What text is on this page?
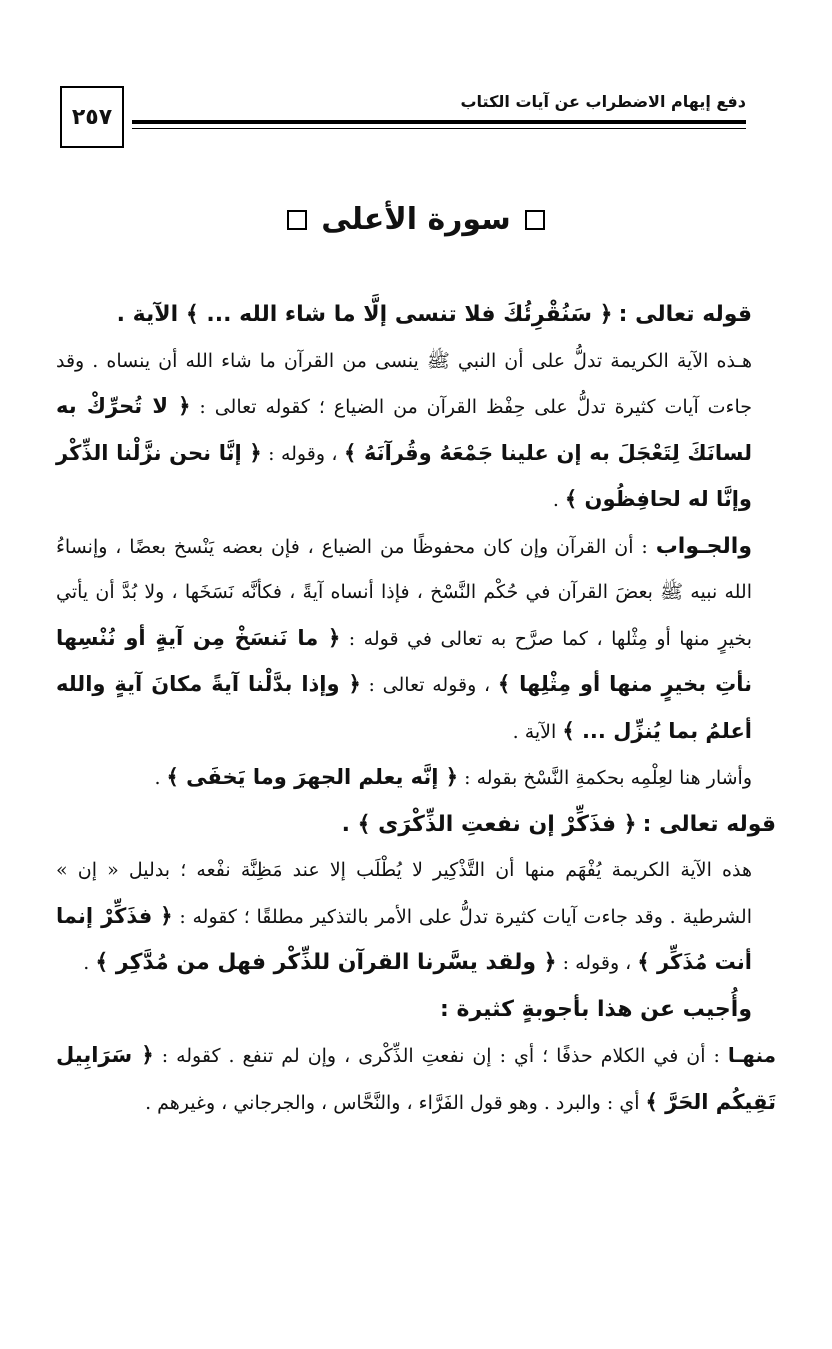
دفع إيهام الاضطراب عن آيات الكتاب
٢٥٧
سورة الأعلى

قوله تعالى : ﴿ سَنُقْرِئُكَ فلا تنسى إلَّا ما شاء الله ... ﴾ الآية .

هـذه الآية الكريمة تدلُّ على أن النبي ﷺ ينسى من القرآن ما شاء الله أن ينساه . وقد جاءت آيات كثيرة تدلُّ على حِفْظ القرآن من الضياع ؛ كقوله تعالى : ﴿ لا تُحرِّكْ به لسانَكَ لِتَعْجَلَ به إن علينا جَمْعَهُ وقُرآنَهُ ﴾ ، وقوله : ﴿ إنَّا نحن نزَّلْنا الذِّكْر وإنَّا له لحافِظُون ﴾ .

والجـواب : أن القرآن وإن كان محفوظًا من الضياع ، فإن بعضه يَنْسخ بعضًا ، وإنساءُ الله نبيه ﷺ بعضَ القرآن في حُكْم النَّسْخ ، فإذا أنساه آيةً ، فكأنَّه نَسَخَها ، ولا بُدَّ أن يأتي بخيرٍ منها أو مِثْلها ، كما صرَّح به تعالى في قوله : ﴿ ما نَنسَخْ مِن آيةٍ أو نُنْسِها نأتِ بخيرٍ منها أو مِثْلِها ﴾ ، وقوله تعالى : ﴿ وإذا بدَّلْنا آيةً مكانَ آيةٍ والله أعلمُ بما يُنزِّل ... ﴾ الآية .

وأشار هنا لعِلْمِه بحكمةِ النَّسْخ بقوله : ﴿ إنَّه يعلم الجهرَ وما يَخفَى ﴾ .

قوله تعالى : ﴿ فذَكِّرْ إن نفعتِ الذِّكْرَى ﴾ .

هذه الآية الكريمة يُفْهَم منها أن التَّذْكِير لا يُطْلَب إلا عند مَظِنَّة نفْعه ؛ بدليل « إن » الشرطية . وقد جاءت آيات كثيرة تدلُّ على الأمر بالتذكير مطلقًا ؛ كقوله : ﴿ فذَكِّرْ إنما أنت مُذَكِّر ﴾ ، وقوله : ﴿ ولقد يسَّرنا القرآن للذِّكْر فهل من مُدَّكِر ﴾ .

وأُجيب عن هذا بأجوبةٍ كثيرة :

منهـا : أن في الكلام حذفًا ؛ أي : إن نفعتِ الذِّكْرى ، وإن لم تنفع . كقوله : ﴿ سَرَابِيل تَقِيكُم الحَرَّ ﴾ أي : والبرد . وهو قول الفَرَّاء ، والنَّحَّاس ، والجرجاني ، وغيرهم .
